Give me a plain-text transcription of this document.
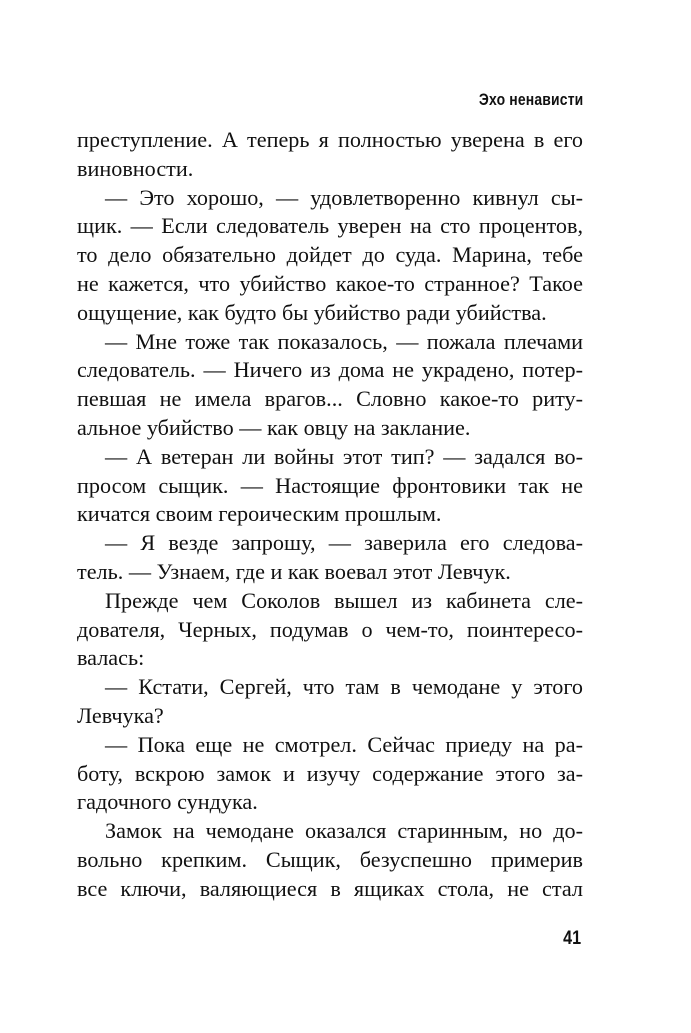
Эхо ненависти

преступление. А теперь я полностью уверена в его
виновности.

— Это хорошо, — удовлетворенно кивнул сы-
щик. — Если следователь уверен на сто процентов,
то дело обязательно дойдет до суда. Марина, тебе
не кажется, что убийство какое-то странное? Такое
ощущение, как будто бы убийство ради убийства.

— Мне тоже так показалось, — пожала плечами
следователь. — Ничего из дома не украдено, потер-
певшая не имела врагов... Словно какое-то риту-
альное убийство — как овцу на заклание.

— А ветеран ли войны этот тип? — задался во-
просом сыщик. — Настоящие фронтовики так не
кичатся своим героическим прошлым.

— Я везде запрошу, — заверила его следова-
тель. — Узнаем, где и как воевал этот Левчук.

Прежде чем Соколов вышел из кабинета сле-
дователя, Черных, подумав о чем-то, поинтересо-
валась:

— Кстати, Сергей, что там в чемодане у этого
Левчука?

— Пока еще не смотрел. Сейчас приеду на ра-
боту, вскрою замок и изучу содержание этого за-
гадочного сундука.

Замок на чемодане оказался старинным, но до-
вольно крепким. Сыщик, безуспешно примерив
все ключи, валяющиеся в ящиках стола, не стал

41
